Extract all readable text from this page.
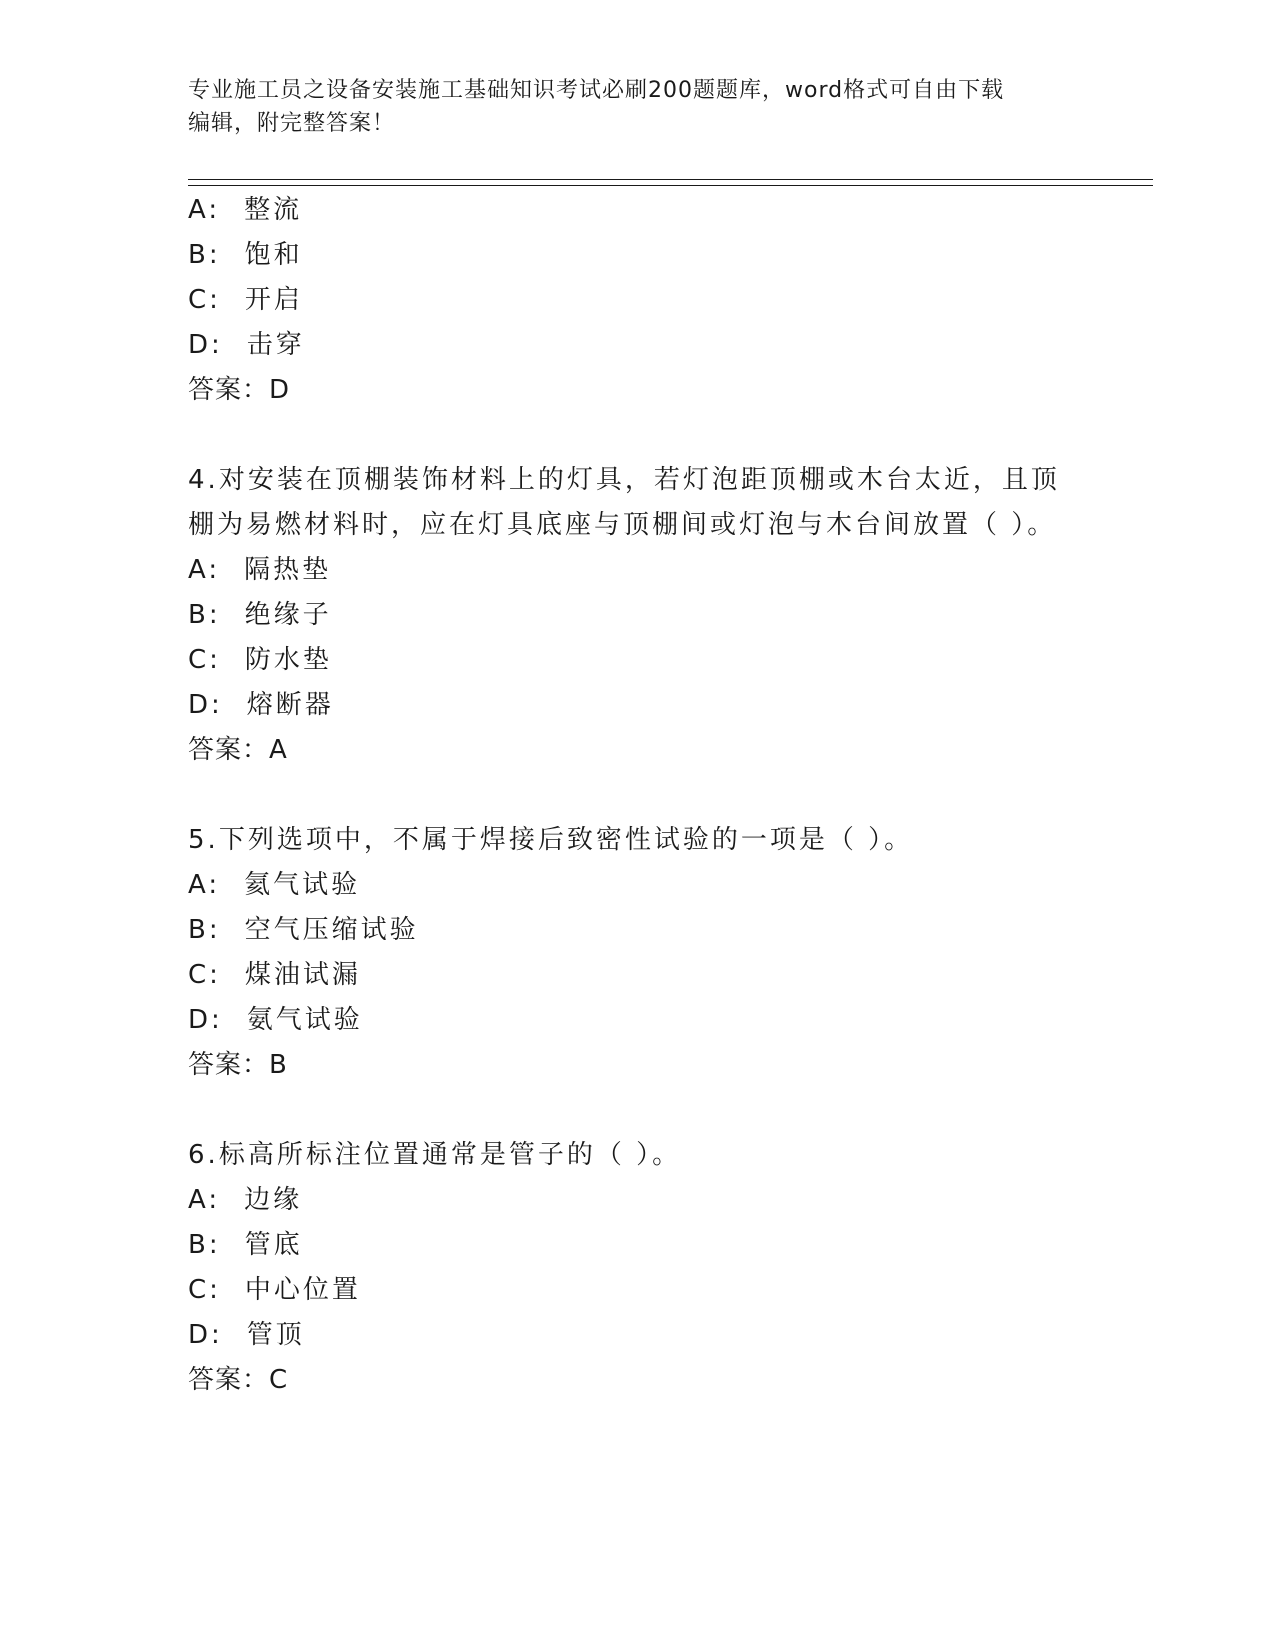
专业施工员之设备安装施工基础知识考试必刷200题题库，word格式可自由下载
编辑，附完整答案！
A: 整流
B: 饱和
C: 开启
D: 击穿
答案：D
4.对安装在顶棚装饰材料上的灯具，若灯泡距顶棚或木台太近，且顶
棚为易燃材料时，应在灯具底座与顶棚间或灯泡与木台间放置（ ）。
A: 隔热垫
B: 绝缘子
C: 防水垫
D: 熔断器
答案：A
5.下列选项中，不属于焊接后致密性试验的一项是（ ）。
A: 氦气试验
B: 空气压缩试验
C: 煤油试漏
D: 氨气试验
答案：B
6.标高所标注位置通常是管子的（ ）。
A: 边缘
B: 管底
C: 中心位置
D: 管顶
答案：C
